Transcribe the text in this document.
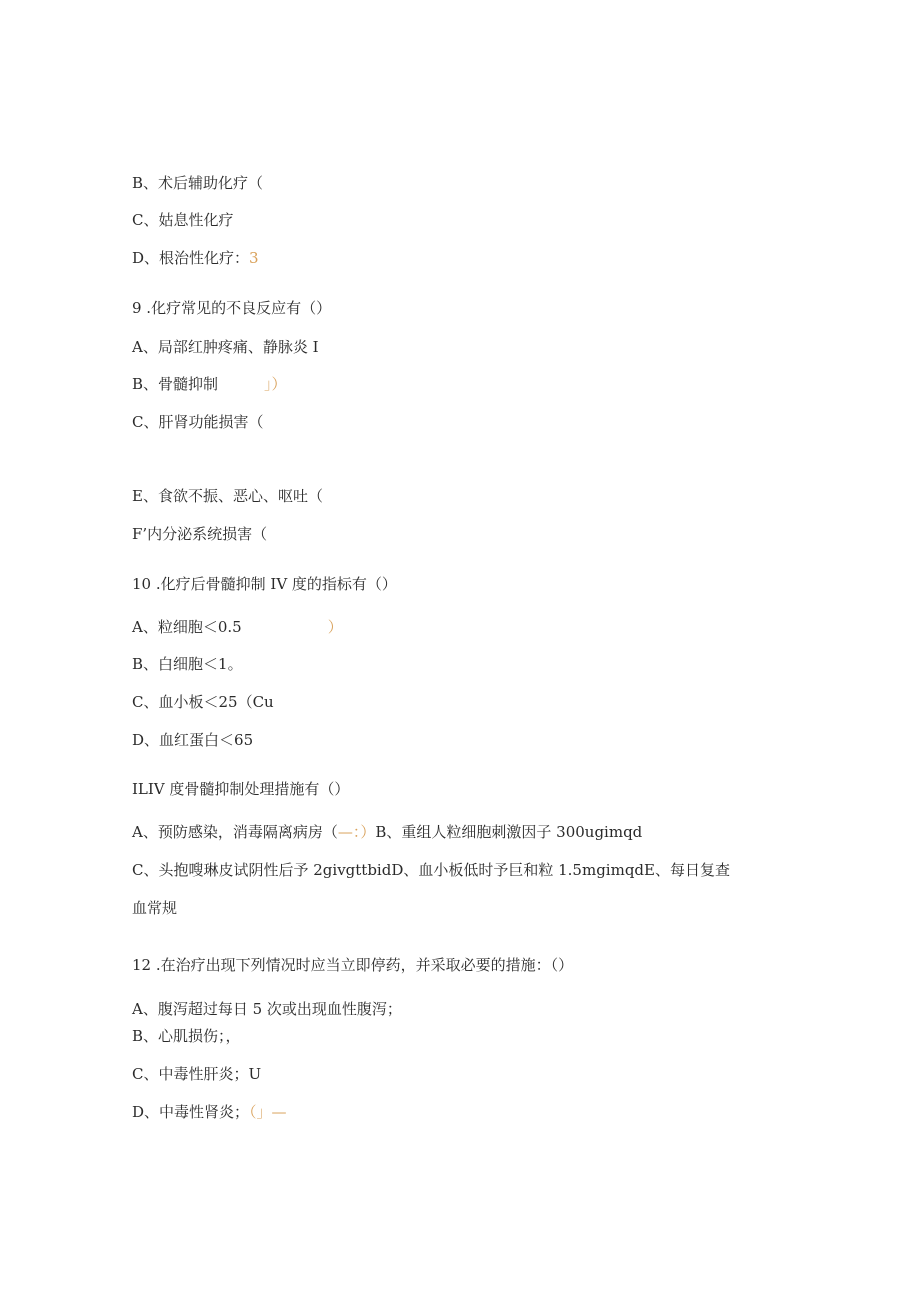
B、术后辅助化疗（
C、姑息性化疗
D、根治性化疗：3
9 .化疗常见的不良反应有（）
A、局部红肿疼痛、静脉炎 I
B、骨髓抑制	」）
C、肝肾功能损害（
E、食欲不振、恶心、呕吐（
F’内分泌系统损害（
10 .化疗后骨髓抑制 IV 度的指标有（）
A、粒细胞＜0.5	）
B、白细胞＜1。
C、血小板＜25（Cu
D、血红蛋白＜65
ILIV 度骨髓抑制处理措施有（）
A、预防感染，消毒隔离病房（—：）B、重组人粒细胞刺激因子 300ugimqd
C、头抱嗖琳皮试阴性后予 2givgttbidD、血小板低时予巨和粒 1.5mgimqdE、每日复查
血常规
12 .在治疗出现下列情况时应当立即停药，并采取必要的措施：（）
A、腹泻超过每日 5 次或出现血性腹泻；
B、心肌损伤；，
C、中毒性肝炎；U
D、中毒性肾炎；（」—
